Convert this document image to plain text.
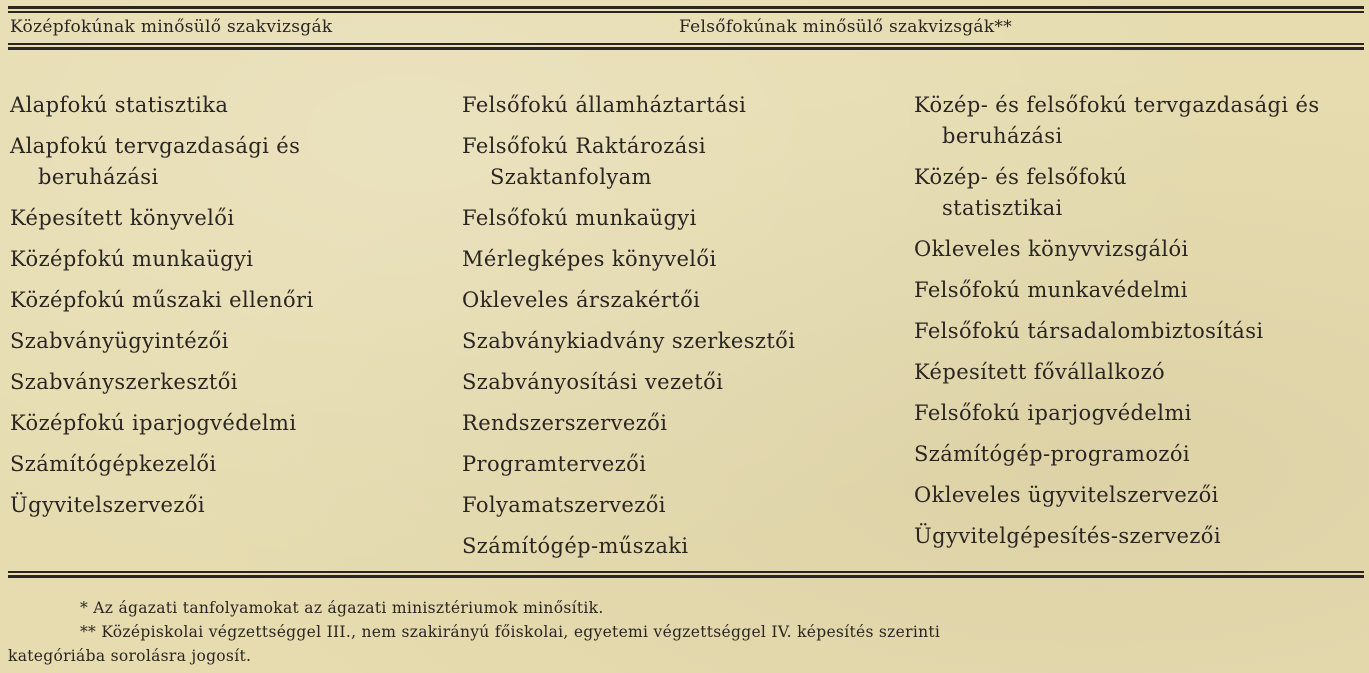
Középfokúnak minősülő szakvizsgák	Felsőfokúnak minősülő szakvizsgák**
Alapfokú statisztika
Alapfokú tervgazdasági és beruházási
Képesített könyvelői
Középfokú munkaügyi
Középfokú műszaki ellenőri
Szabványügyintézői
Szabványszerkesztői
Középfokú iparjogvédelmi
Számítógépkezelői
Ügyvitelszervezői
Felsőfokú államháztartási
Felsőfokú Raktározási Szaktanfolyam
Felsőfokú munkaügyi
Mérlegképes könyvelői
Okleveles árszakértői
Szabványkiadvány szerkesztői
Szabványosítási vezetői
Rendszerszervezői
Programtervezői
Folyamatszervezői
Számítógép-műszaki
Közép- és felsőfokú tervgazdasági és beruházási
Közép- és felsőfokú statisztikai
Okleveles könyvvizsgálói
Felsőfokú munkavédelmi
Felsőfokú társadalombiztosítási
Képesített fővállalkozó
Felsőfokú iparjogvédelmi
Számítógép-programozói
Okleveles ügyvitelszervezői
Ügyvitelgépesítés-szervezői
* Az ágazati tanfolyamokat az ágazati minisztériumok minősítik.
** Középiskolai végzettséggel III., nem szakirányú főiskolai, egyetemi végzettséggel IV. képesítés szerinti
kategóriába sorolásra jogosít.
